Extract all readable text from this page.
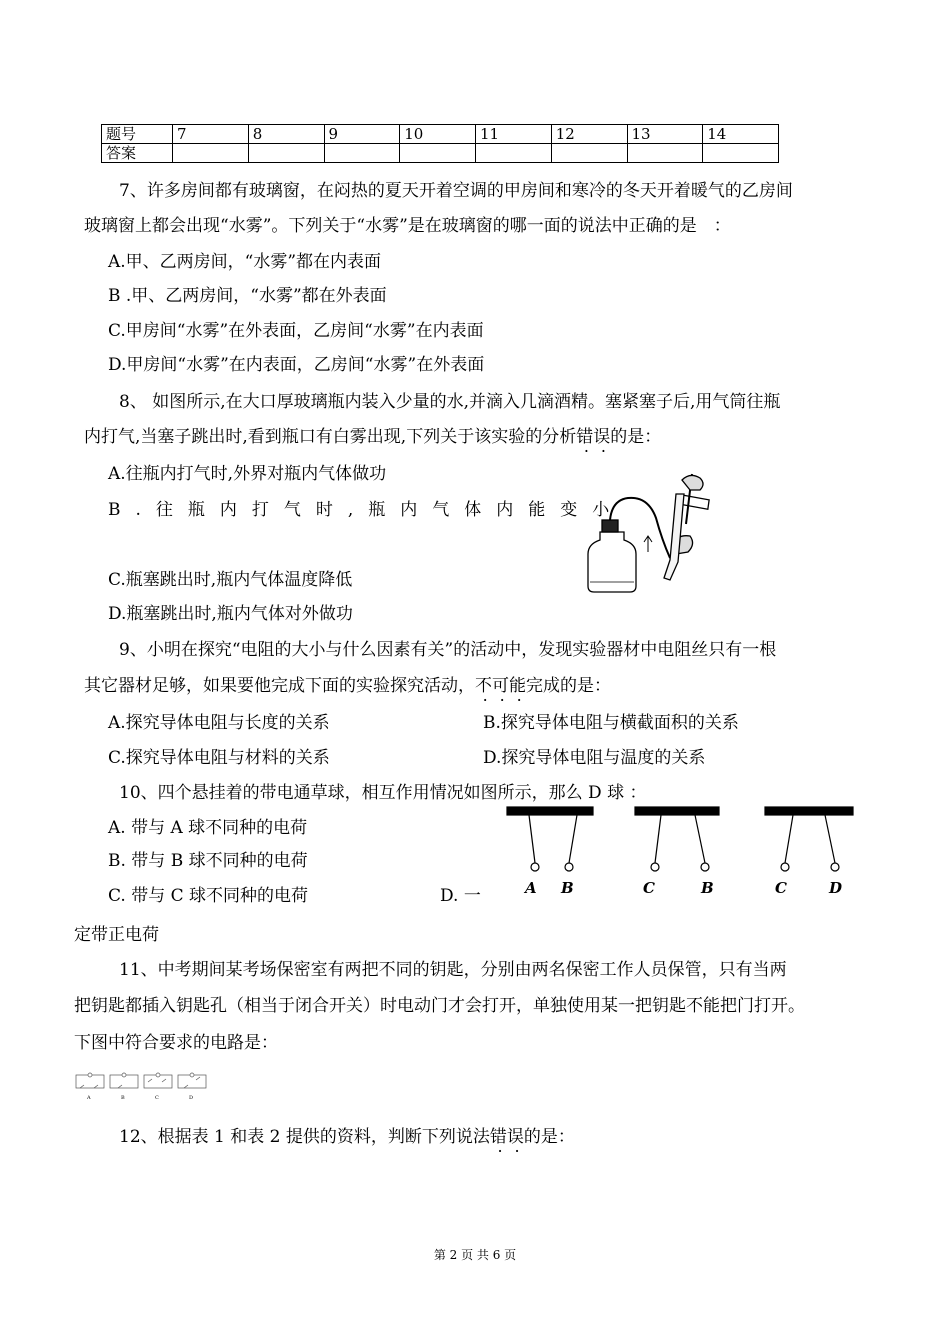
题号	7	8	9	10	11	12	13	14
答案								
7、许多房间都有玻璃窗，在闷热的夏天开着空调的甲房间和寒冷的冬天开着暖气的乙房间
玻璃窗上都会出现“水雾”。下列关于“水雾”是在玻璃窗的哪一面的说法中正确的是　：
A.甲、乙两房间，“水雾”都在内表面
B .甲、乙两房间，“水雾”都在外表面
C.甲房间“水雾”在外表面，乙房间“水雾”在内表面
D.甲房间“水雾”在内表面，乙房间“水雾”在外表面
8、 如图所示,在大口厚玻璃瓶内装入少量的水,并滴入几滴酒精。塞紧塞子后,用气筒往瓶
内打气,当塞子跳出时,看到瓶口有白雾出现,下列关于该实验的分析错误的是：
A.往瓶内打气时,外界对瓶内气体做功
B.往瓶内打气时,瓶内气体内能变小
C.瓶塞跳出时,瓶内气体温度降低
D.瓶塞跳出时,瓶内气体对外做功
9、小明在探究“电阻的大小与什么因素有关”的活动中，发现实验器材中电阻丝只有一根
其它器材足够，如果要他完成下面的实验探究活动，不可能完成的是：
A.探究导体电阻与长度的关系	B.探究导体电阻与横截面积的关系
C.探究导体电阻与材料的关系	D.探究导体电阻与温度的关系
10、四个悬挂着的带电通草球，相互作用情况如图所示，那么 D 球 ：
A. 带与 A 球不同种的电荷
B. 带与 B 球不同种的电荷
C. 带与 C 球不同种的电荷	D. 一
定带正电荷
A B	C	B	C	D
11、中考期间某考场保密室有两把不同的钥匙，分别由两名保密工作人员保管，只有当两
把钥匙都插入钥匙孔（相当于闭合开关）时电动门才会打开，单独使用某一把钥匙不能把门打开。
下图中符合要求的电路是：
A	B	C	D
12、根据表 1 和表 2 提供的资料，判断下列说法错误的是：
第 2 页 共 6 页
